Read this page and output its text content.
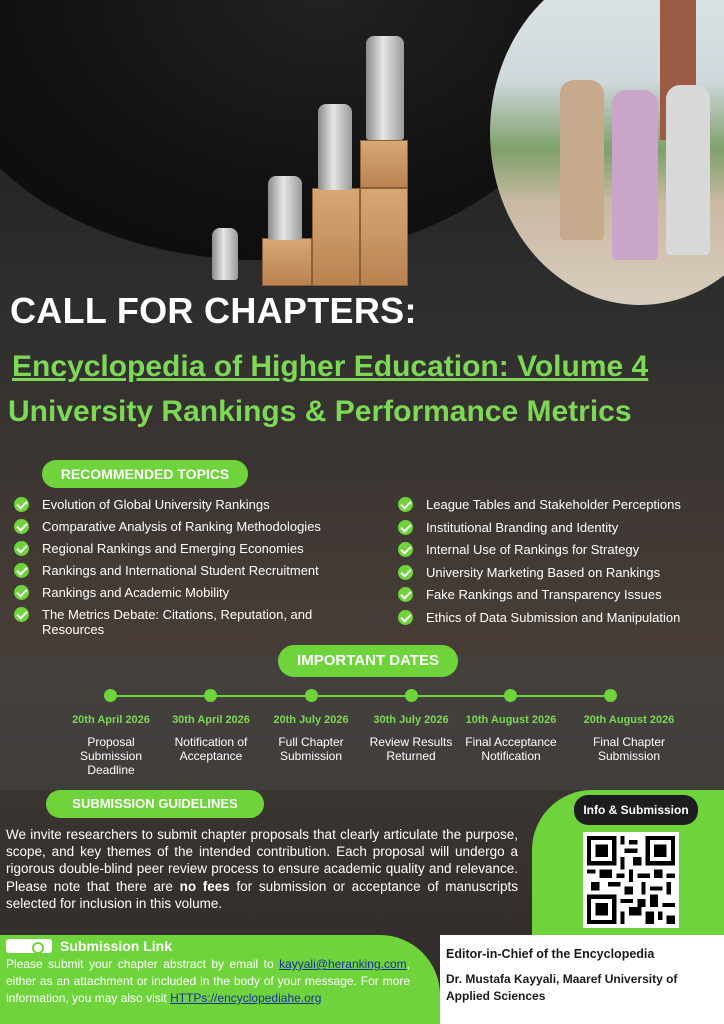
CALL FOR CHAPTERS:
Encyclopedia of Higher Education: Volume 4
University Rankings & Performance Metrics
RECOMMENDED TOPICS
Evolution of Global University Rankings
Comparative Analysis of Ranking Methodologies
Regional Rankings and Emerging Economies
Rankings and International Student Recruitment
Rankings and Academic Mobility
The Metrics Debate: Citations, Reputation, and Resources
League Tables and Stakeholder Perceptions
Institutional Branding and Identity
Internal Use of Rankings for Strategy
University Marketing Based on Rankings
Fake Rankings and Transparency Issues
Ethics of Data Submission and Manipulation
IMPORTANT DATES
20th April 2026
Proposal Submission Deadline
30th April 2026
Notification of Acceptance
20th July 2026
Full Chapter Submission
30th July 2026
Review Results Returned
10th August 2026
Final Acceptance Notification
20th August 2026
Final Chapter Submission
SUBMISSION GUIDELINES
We invite researchers to submit chapter proposals that clearly articulate the purpose, scope, and key themes of the intended contribution. Each proposal will undergo a rigorous double-blind peer review process to ensure academic quality and relevance. Please note that there are no fees for submission or acceptance of manuscripts selected for inclusion in this volume.
Info & Submission
Submission Link
Please submit your chapter abstract by email to kayyali@heranking.com, either as an attachment or included in the body of your message. For more information, you may also visit HTTPs://encyclopediahe.org
Editor-in-Chief of the Encyclopedia
Dr. Mustafa Kayyali, Maaref University of Applied Sciences
